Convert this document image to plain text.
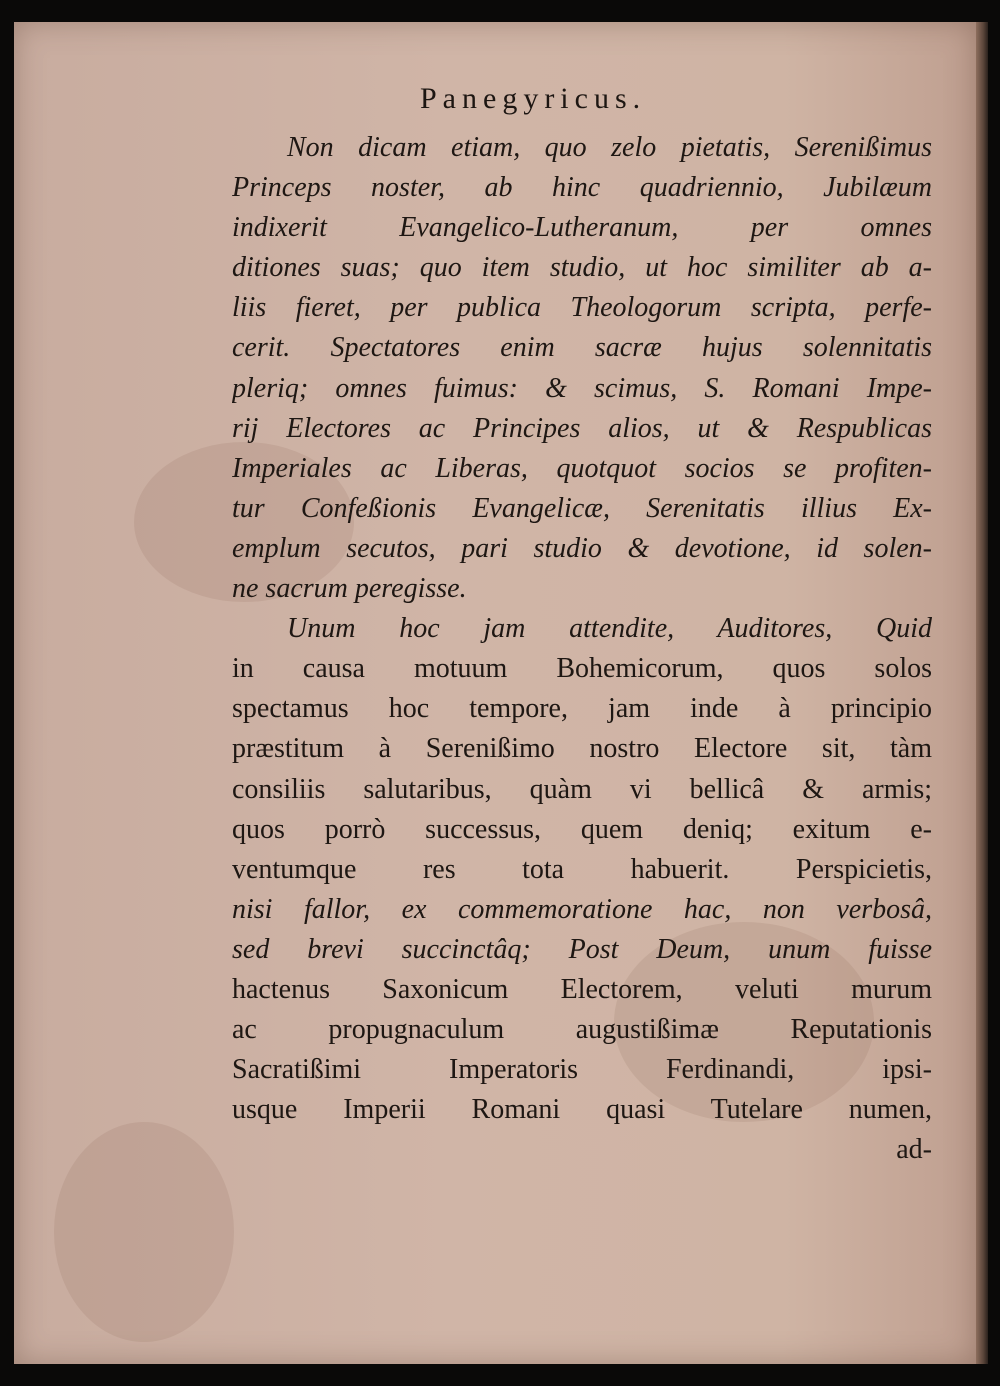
Panegyricus.
Non dicam etiam, quo zelo pietatis, Serenißimus
Princeps noster, ab hinc quadriennio, Jubilæum
indixerit Evangelico-Lutheranum, per omnes
ditiones suas; quo item studio, ut hoc similiter ab a-
liis fieret, per publica Theologorum scripta, perfe-
cerit. Spectatores enim sacræ hujus solennitatis
pleriq; omnes fuimus: & scimus, S. Romani Impe-
rij Electores ac Principes alios, ut & Respublicas
Imperiales ac Liberas, quotquot socios se profiten-
tur Confeßionis Evangelicæ, Serenitatis illius Ex-
emplum secutos, pari studio & devotione, id solen-
ne sacrum peregisse.
Unum hoc jam attendite, Auditores, Quid
in causa motuum Bohemicorum, quos solos
spectamus hoc tempore, jam inde à principio
præstitum à Serenißimo nostro Electore sit, tàm
consiliis salutaribus, quàm vi bellicâ & armis;
quos porrò successus, quem deniq; exitum e-
ventumque res tota habuerit. Perspicietis,
nisi fallor, ex commemoratione hac, non verbosâ,
sed brevi succinctâq; Post Deum, unum fuisse
hactenus Saxonicum Electorem, veluti murum
ac propugnaculum augustißimæ Reputationis
Sacratißimi Imperatoris Ferdinandi, ipsi-
usque Imperii Romani quasi Tutelare numen,
ad-
